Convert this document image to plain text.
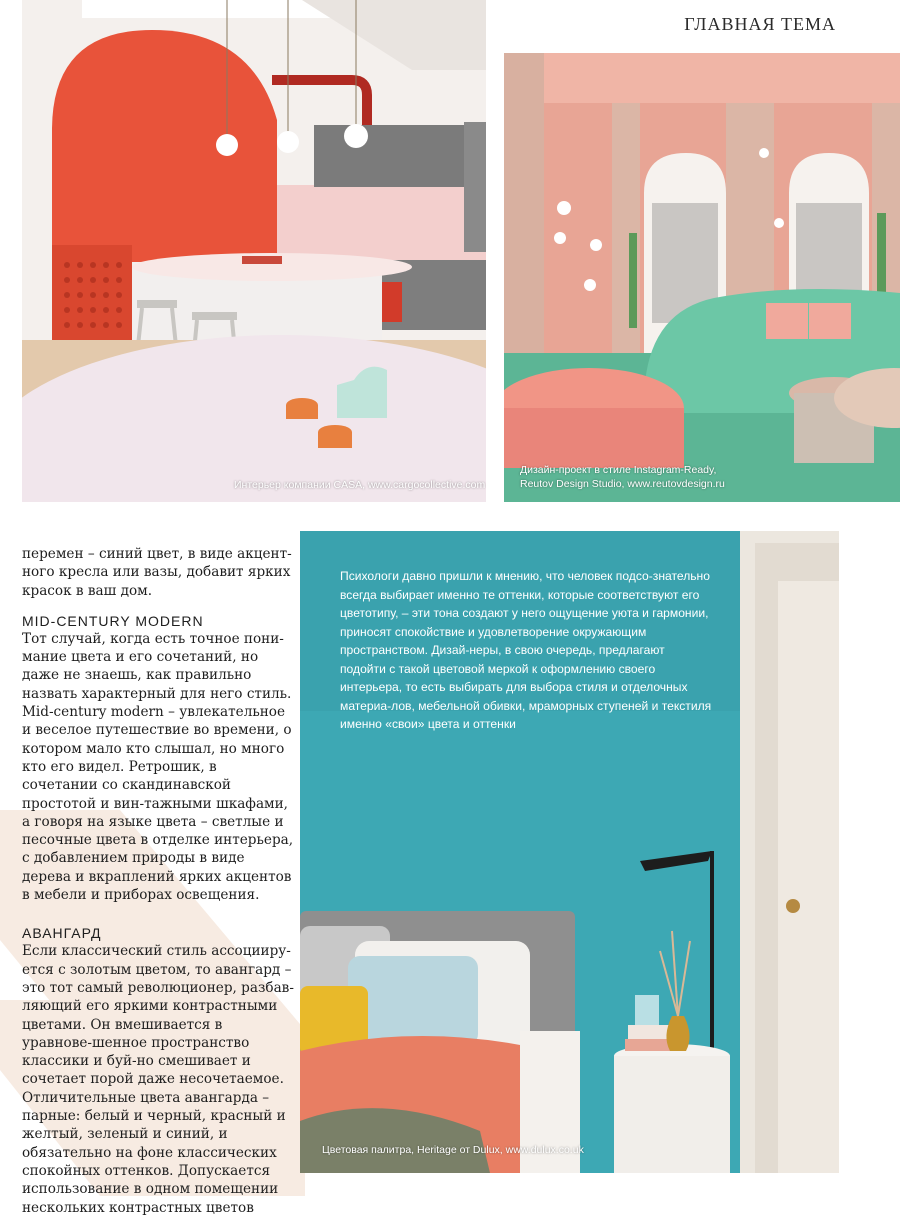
ГЛАВНАЯ ТЕМА
Интерьер компании CASA, www.cargocollective.com
Дизайн-проект в стиле Instagram-Ready,
Reutov Design Studio, www.reutovdesign.ru

перемен – синий цвет, в виде акцент-ного кресла или вазы, добавит ярких красок в ваш дом.

MID-CENTURY MODERN

Тот случай, когда есть точное пони-мание цвета и его сочетаний, но даже не знаешь, как правильно назвать характерный для него стиль. Mid-century modern – увлекательное и веселое путешествие во времени, о котором мало кто слышал, но много кто его видел. Ретрошик, в сочетании со скандинавской простотой и вин-тажными шкафами, а говоря на языке цвета – светлые и песочные цвета в отделке интерьера, с добавлением природы в виде дерева и вкраплений ярких акцентов в мебели и приборах освещения.

АВАНГАРД

Если классический стиль ассоцииру-ется с золотым цветом, то авангард – это тот самый революционер, разбав-ляющий его яркими контрастными цветами. Он вмешивается в уравнове-шенное пространство классики и буй-но смешивает и сочетает порой даже несочетаемое. Отличительные цвета авангарда – парные: белый и черный, красный и желтый, зеленый и синий, и обязательно на фоне классических спокойных оттенков. Допускается использование в одном помещении нескольких контрастных цветов

Цветовая палитра, Heritage от Dulux, www.dulux.co.uk
Психологи давно пришли к мнению, что человек подсо-знательно всегда выбирает именно те оттенки, которые соответствуют его цветотипу, – эти тона создают у него ощущение уюта и гармонии, приносят спокойствие и удовлетворение окружающим пространством. Дизай-неры, в свою очередь, предлагают подойти с такой цветовой меркой к оформлению своего интерьера, то есть выбирать для выбора стиля и отделочных материа-лов, мебельной обивки, мраморных ступеней и текстиля именно «свои» цвета и оттенки
